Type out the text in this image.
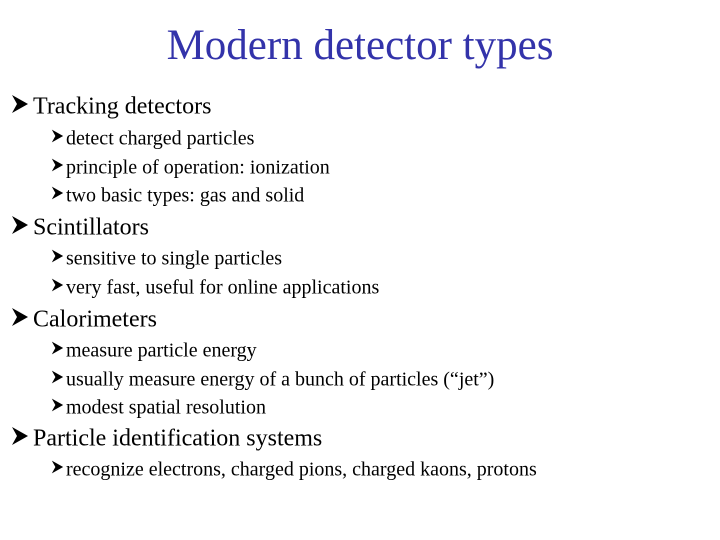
Modern detector types
Tracking detectors
detect charged particles
principle of operation: ionization
two basic types: gas and solid
Scintillators
sensitive to single particles
very fast, useful for online applications
Calorimeters
measure particle energy
usually measure energy of a bunch of particles (“jet”)
modest spatial resolution
Particle identification systems
recognize electrons, charged pions, charged kaons, protons
